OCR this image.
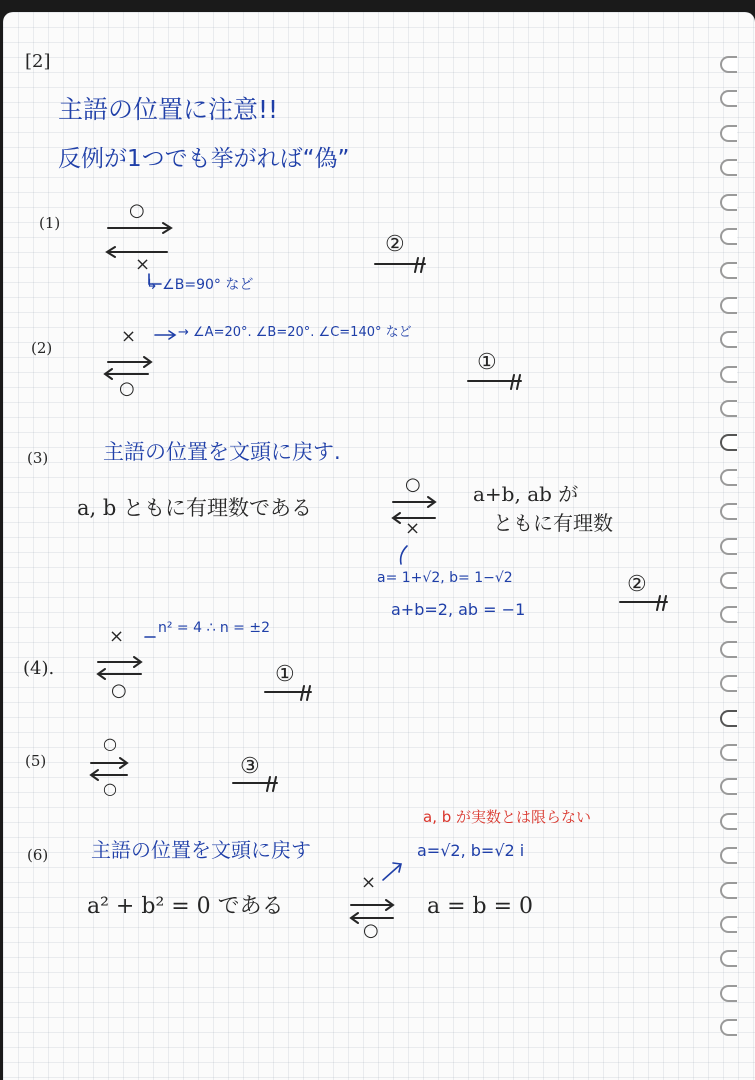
[2]
主語の位置に注意!!
反例が1つでも挙がれば“偽”
(1)
○
×
↳ ∠B=90° など
②
(2)
×
○
→ ∠A=20°. ∠B=20°. ∠C=140° など
①
(3)	主語の位置を文頭に戻す.
a, b ともに有理数である
○
×
a+b, ab が
ともに有理数
a= 1+√2, b= 1−√2
a+b=2, ab = −1
②
(4).
×
○
n² = 4 ∴ n = ±2
①
(5)
○
○
③
(6) 主語の位置を文頭に戻す
a, b が実数とは限らない
a=√2, b=√2 i
a² + b² = 0 である
×
○
a = b = 0
